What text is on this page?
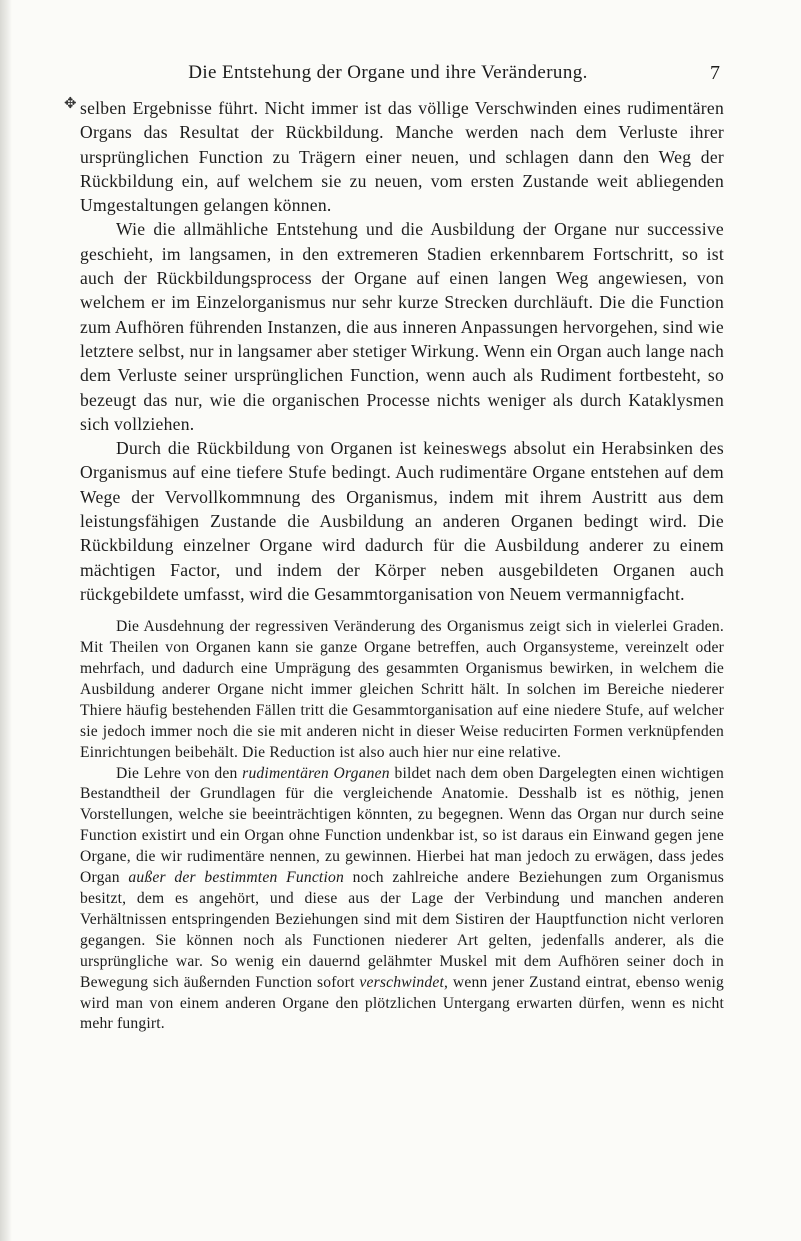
Die Entstehung der Organe und ihre Veränderung.	7
✥ selben Ergebnisse führt. Nicht immer ist das völlige Verschwinden eines rudimentären Organs das Resultat der Rückbildung. Manche werden nach dem Verluste ihrer ursprünglichen Function zu Trägern einer neuen, und schlagen dann den Weg der Rückbildung ein, auf welchem sie zu neuen, vom ersten Zustande weit abliegenden Umgestaltungen gelangen können.

Wie die allmähliche Entstehung und die Ausbildung der Organe nur successive geschieht, im langsamen, in den extremeren Stadien erkennbarem Fortschritt, so ist auch der Rückbildungsprocess der Organe auf einen langen Weg angewiesen, von welchem er im Einzelorganismus nur sehr kurze Strecken durchläuft. Die die Function zum Aufhören führenden Instanzen, die aus inneren Anpassungen hervorgehen, sind wie letztere selbst, nur in langsamer aber stetiger Wirkung. Wenn ein Organ auch lange nach dem Verluste seiner ursprünglichen Function, wenn auch als Rudiment fortbesteht, so bezeugt das nur, wie die organischen Processe nichts weniger als durch Kataklysmen sich vollziehen.

Durch die Rückbildung von Organen ist keineswegs absolut ein Herabsinken des Organismus auf eine tiefere Stufe bedingt. Auch rudimentäre Organe entstehen auf dem Wege der Vervollkommnung des Organismus, indem mit ihrem Austritt aus dem leistungsfähigen Zustande die Ausbildung an anderen Organen bedingt wird. Die Rückbildung einzelner Organe wird dadurch für die Ausbildung anderer zu einem mächtigen Factor, und indem der Körper neben ausgebildeten Organen auch rückgebildete umfasst, wird die Gesammtorganisation von Neuem vermannigfacht.

Die Ausdehnung der regressiven Veränderung des Organismus zeigt sich in vielerlei Graden. Mit Theilen von Organen kann sie ganze Organe betreffen, auch Organsysteme, vereinzelt oder mehrfach, und dadurch eine Umprägung des gesammten Organismus bewirken, in welchem die Ausbildung anderer Organe nicht immer gleichen Schritt hält. In solchen im Bereiche niederer Thiere häufig bestehenden Fällen tritt die Gesammtorganisation auf eine niedere Stufe, auf welcher sie jedoch immer noch die sie mit anderen nicht in dieser Weise reducirten Formen verknüpfenden Einrichtungen beibehält. Die Reduction ist also auch hier nur eine relative.

Die Lehre von den rudimentären Organen bildet nach dem oben Dargelegten einen wichtigen Bestandtheil der Grundlagen für die vergleichende Anatomie. Desshalb ist es nöthig, jenen Vorstellungen, welche sie beeinträchtigen könnten, zu begegnen. Wenn das Organ nur durch seine Function existirt und ein Organ ohne Function undenkbar ist, so ist daraus ein Einwand gegen jene Organe, die wir rudimentäre nennen, zu gewinnen. Hierbei hat man jedoch zu erwägen, dass jedes Organ außer der bestimmten Function noch zahlreiche andere Beziehungen zum Organismus besitzt, dem es angehört, und diese aus der Lage der Verbindung und manchen anderen Verhältnissen entspringenden Beziehungen sind mit dem Sistiren der Hauptfunction nicht verloren gegangen. Sie können noch als Functionen niederer Art gelten, jedenfalls anderer, als die ursprüngliche war. So wenig ein dauernd gelähmter Muskel mit dem Aufhören seiner doch in Bewegung sich äußernden Function sofort verschwindet, wenn jener Zustand eintrat, ebenso wenig wird man von einem anderen Organe den plötzlichen Untergang erwarten dürfen, wenn es nicht mehr fungirt.
